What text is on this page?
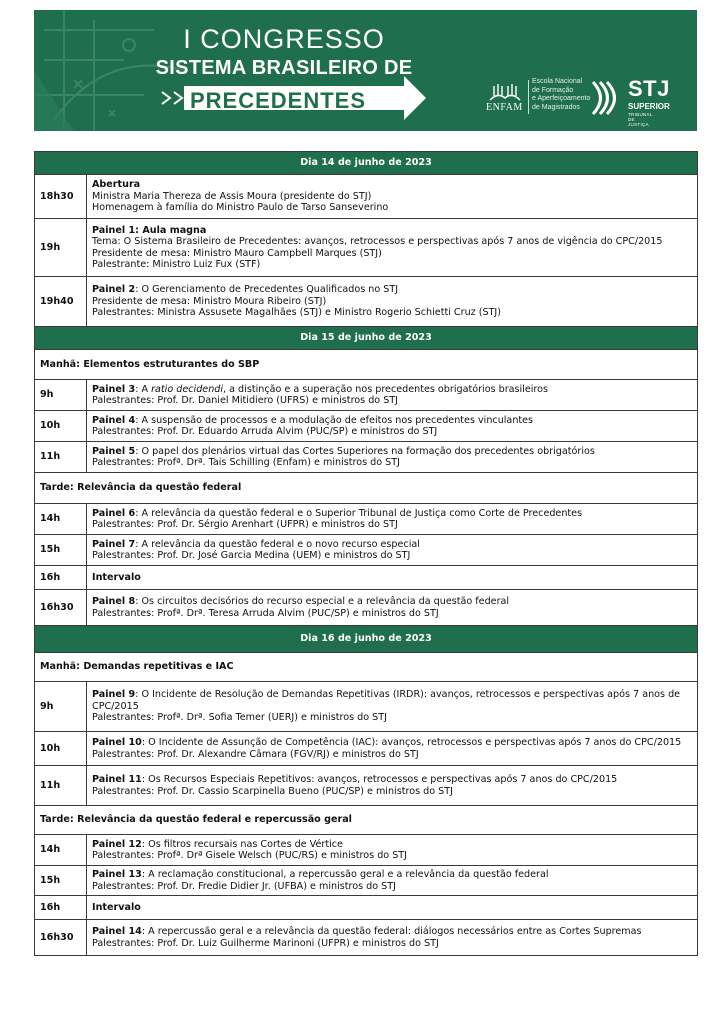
I CONGRESSO
SISTEMA BRASILEIRO DE
PRECEDENTES	ENFAM
Escola Nacional
de Formação
e Aperfeiçoamento
de Magistrados
STJ
SUPERIOR
TRIBUNAL DE JUSTIÇA
Dia 14 de junho de 2023	
18h30	Abertura
Ministra Maria Thereza de Assis Moura (presidente do STJ)
Homenagem à família do Ministro Paulo de Tarso Sanseverino

19h	Painel 1: Aula magna
Tema: O Sistema Brasileiro de Precedentes: avanços, retrocessos e perspectivas após 7 anos de vigência do CPC/2015
Presidente de mesa: Ministro Mauro Campbell Marques (STJ)
Palestrante: Ministro Luiz Fux (STF)

19h40	Painel 2: O Gerenciamento de Precedentes Qualificados no STJ
Presidente de mesa: Ministro Moura Ribeiro (STJ)
Palestrantes: Ministra Assusete Magalhães (STJ) e Ministro Rogerio Schietti Cruz (STJ)

Dia 15 de junho de 2023	
Manhã: Elementos estruturantes do SBP	
9h	Painel 3: A ratio decidendi, a distinção e a superação nos precedentes obrigatórios brasileiros
Palestrantes: Prof. Dr. Daniel Mitidiero (UFRS) e ministros do STJ

10h	Painel 4: A suspensão de processos e a modulação de efeitos nos precedentes vinculantes
Palestrantes: Prof. Dr. Eduardo Arruda Alvim (PUC/SP) e ministros do STJ

11h	Painel 5: O papel dos plenários virtual das Cortes Superiores na formação dos precedentes obrigatórios
Palestrantes: Profª. Drª. Tais Schilling (Enfam) e ministros do STJ

Tarde: Relevância da questão federal	
14h	Painel 6: A relevância da questão federal e o Superior Tribunal de Justiça como Corte de Precedentes
Palestrantes: Prof. Dr. Sérgio Arenhart (UFPR) e ministros do STJ

15h	Painel 7: A relevância da questão federal e o novo recurso especial
Palestrantes: Prof. Dr. José Garcia Medina (UEM) e ministros do STJ

16h	Intervalo
16h30	Painel 8: Os circuitos decisórios do recurso especial e a relevância da questão federal
Palestrantes: Profª. Drª. Teresa Arruda Alvim (PUC/SP) e ministros do STJ

Dia 16 de junho de 2023	
Manhã: Demandas repetitivas e IAC	
9h	Painel 9: O Incidente de Resolução de Demandas Repetitivas (IRDR): avanços, retrocessos e perspectivas após 7 anos de CPC/2015
Palestrantes: Profª. Drª. Sofia Temer (UERJ) e ministros do STJ

10h	Painel 10: O Incidente de Assunção de Competência (IAC): avanços, retrocessos e perspectivas após 7 anos do CPC/2015
Palestrantes: Prof. Dr. Alexandre Câmara (FGV/RJ) e ministros do STJ

11h	Painel 11: Os Recursos Especiais Repetitivos: avanços, retrocessos e perspectivas após 7 anos do CPC/2015
Palestrantes: Prof. Dr. Cassio Scarpinella Bueno (PUC/SP) e ministros do STJ

Tarde: Relevância da questão federal e repercussão geral	
14h	Painel 12: Os filtros recursais nas Cortes de Vértice
Palestrantes: Profª. Drª Gisele Welsch (PUC/RS) e ministros do STJ

15h	Painel 13: A reclamação constitucional, a repercussão geral e a relevância da questão federal
Palestrantes: Prof. Dr. Fredie Didier Jr. (UFBA) e ministros do STJ

16h	Intervalo
16h30	Painel 14: A repercussão geral e a relevância da questão federal: diálogos necessários entre as Cortes Supremas
Palestrantes: Prof. Dr. Luiz Guilherme Marinoni (UFPR) e ministros do STJ
